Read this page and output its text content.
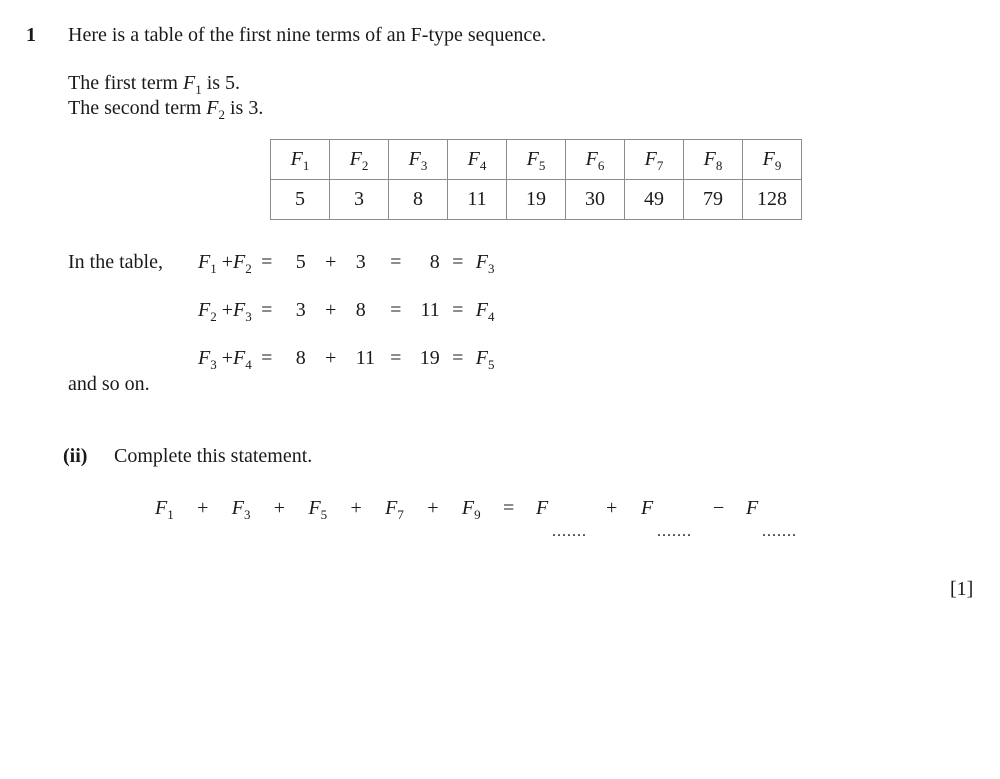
1 Here is a table of the first nine terms of an F-type sequence.
The first term $F_1$ is 5.
The second term $F_2$ is 3.
$F_1$	$F_2$	$F_3$	$F_4$	$F_5$	$F_6$	$F_7$	$F_8$	$F_9$
5	3	8	11	19	30	49	79	128
In the table, $F_1 +F_2 = 5 + 3 = 8 = F_3$
$F_2 +F_3 = 3 + 8 = 11 = F_4$
$F_3 +F_4 = 8 + 11 = 19 = F_5$
and so on.
(ii) Complete this statement.
$F_1 + F_3 + F_5 + F_7 + F_9$ =	F
.......
+ F
.......
− F
.......
[1]
